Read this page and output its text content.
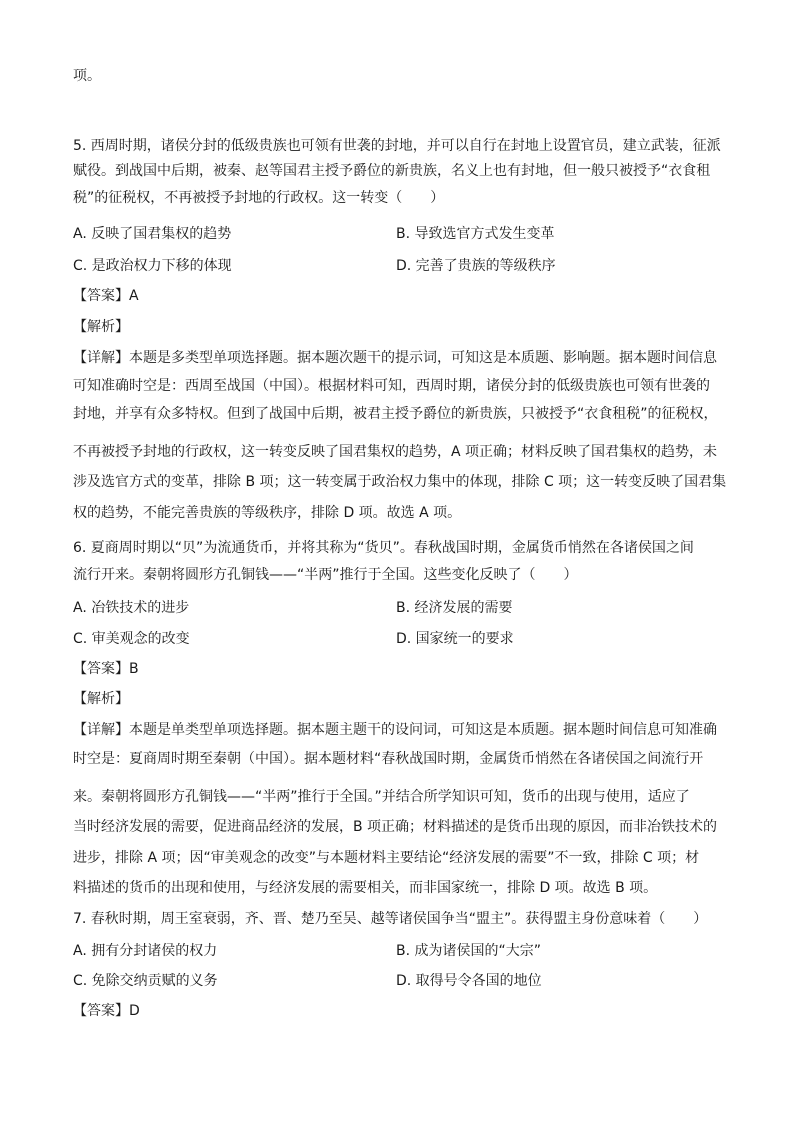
项。
5. 西周时期，诸侯分封的低级贵族也可领有世袭的封地，并可以自行在封地上设置官员，建立武装，征派
赋役。到战国中后期，被秦、赵等国君主授予爵位的新贵族，名义上也有封地，但一般只被授予“衣食租
税”的征税权，不再被授予封地的行政权。这一转变（　　）
A. 反映了国君集权的趋势	B. 导致选官方式发生变革
C. 是政治权力下移的体现	D. 完善了贵族的等级秩序
【答案】A
【解析】
【详解】本题是多类型单项选择题。据本题次题干的提示词，可知这是本质题、影响题。据本题时间信息
可知准确时空是：西周至战国（中国）。根据材料可知，西周时期，诸侯分封的低级贵族也可领有世袭的
封地，并享有众多特权。但到了战国中后期，被君主授予爵位的新贵族，只被授予“衣食租税”的征税权，
不再被授予封地的行政权，这一转变反映了国君集权的趋势，A 项正确；材料反映了国君集权的趋势，未
涉及选官方式的变革，排除 B 项；这一转变属于政治权力集中的体现，排除 C 项；这一转变反映了国君集
权的趋势，不能完善贵族的等级秩序，排除 D 项。故选 A 项。
6. 夏商周时期以“贝”为流通货币，并将其称为“货贝”。春秋战国时期，金属货币悄然在各诸侯国之间
流行开来。秦朝将圆形方孔铜钱——“半两”推行于全国。这些变化反映了（　　）
A. 冶铁技术的进步	B. 经济发展的需要
C. 审美观念的改变	D. 国家统一的要求
【答案】B
【解析】
【详解】本题是单类型单项选择题。据本题主题干的设问词，可知这是本质题。据本题时间信息可知准确
时空是：夏商周时期至秦朝（中国）。据本题材料“春秋战国时期，金属货币悄然在各诸侯国之间流行开
来。秦朝将圆形方孔铜钱——“半两”推行于全国。”并结合所学知识可知，货币的出现与使用，适应了
当时经济发展的需要，促进商品经济的发展，B 项正确；材料描述的是货币出现的原因，而非冶铁技术的
进步，排除 A 项；因“审美观念的改变”与本题材料主要结论“经济发展的需要”不一致，排除 C 项；材
料描述的货币的出现和使用，与经济发展的需要相关，而非国家统一，排除 D 项。故选 B 项。
7. 春秋时期，周王室衰弱，齐、晋、楚乃至吴、越等诸侯国争当“盟主”。获得盟主身份意味着（　　）
A. 拥有分封诸侯的权力	B. 成为诸侯国的“大宗”
C. 免除交纳贡赋的义务	D. 取得号令各国的地位
【答案】D
